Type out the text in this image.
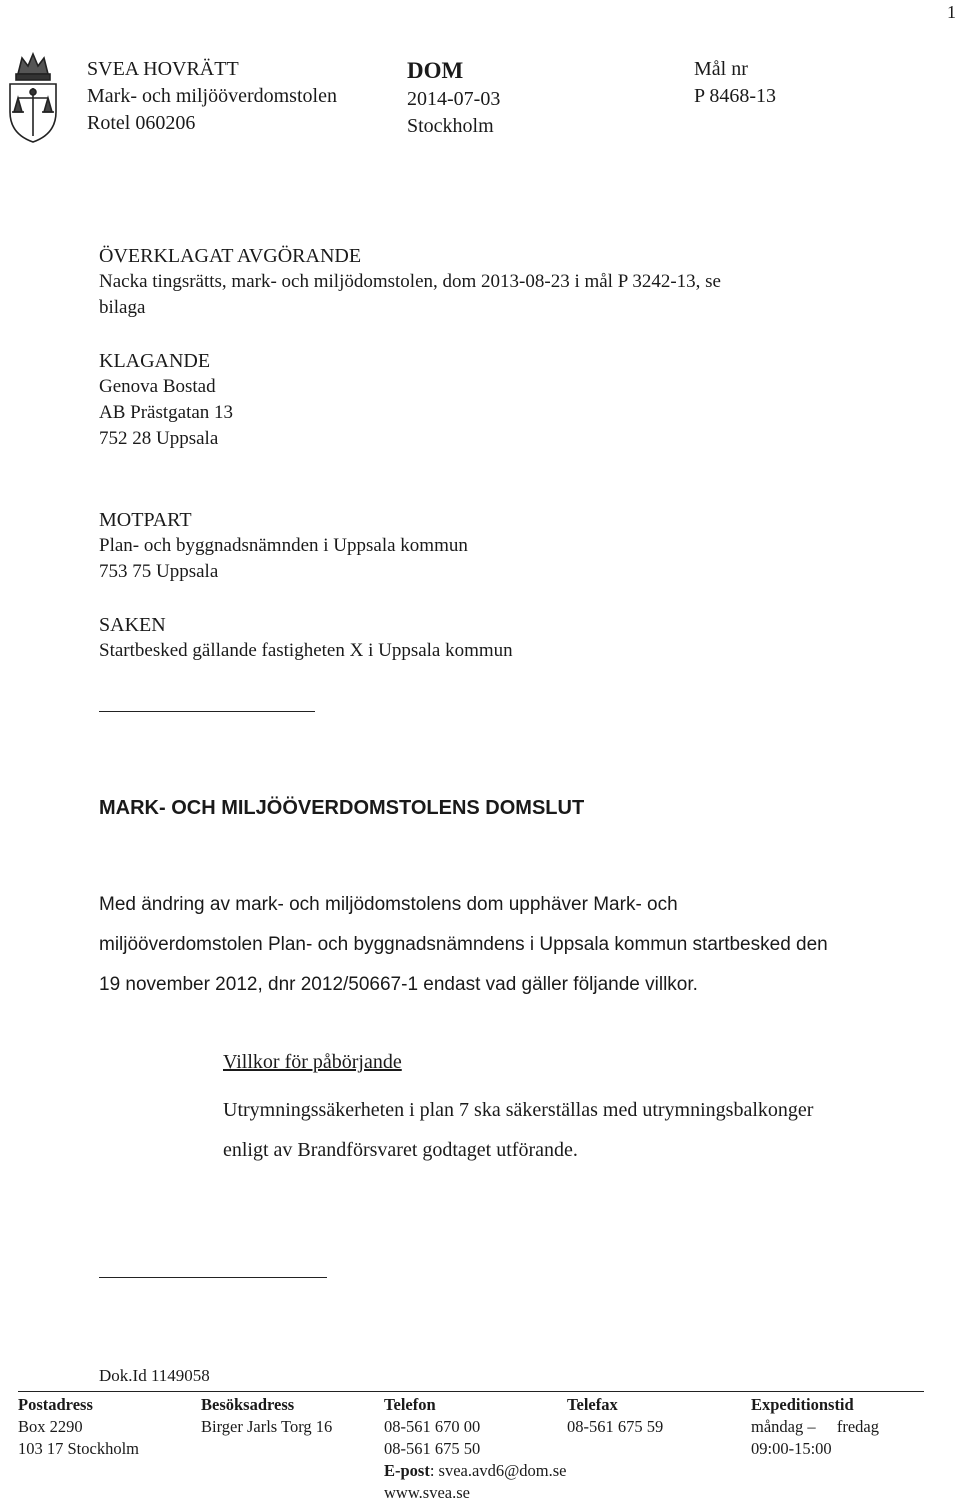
1
SVEA HOVRÄTT
Mark- och miljööverdomstolen
Rotel 060206
DOM
2014-07-03
Stockholm
Mål nr
P 8468-13
ÖVERKLAGAT AVGÖRANDE
Nacka tingsrätts, mark- och miljödomstolen, dom 2013-08-23 i mål P 3242-13, se
bilaga
KLAGANDE
Genova Bostad
AB Prästgatan 13
752 28 Uppsala
MOTPART
Plan- och byggnadsnämnden i Uppsala kommun
753 75 Uppsala
SAKEN
Startbesked gällande fastigheten X i Uppsala kommun
MARK- OCH MILJÖÖVERDOMSTOLENS DOMSLUT
Med ändring av mark- och miljödomstolens dom upphäver Mark- och
miljööverdomstolen Plan- och byggnadsnämndens i Uppsala kommun startbesked den
19 november 2012, dnr 2012/50667-1 endast vad gäller följande villkor.
Villkor för påbörjande
Utrymningssäkerheten i plan 7 ska säkerställas med utrymningsbalkonger
enligt av Brandförsvaret godtaget utförande.
Dok.Id 1149058
Postadress
Box 2290
103 17 Stockholm
Besöksadress
Birger Jarls Torg 16
Telefon
08-561 670 00
08-561 675 50
E-post: svea.avd6@dom.se
www.svea.se
Telefax
08-561 675 59
Expeditionstid
måndag – fredag
09:00-15:00
